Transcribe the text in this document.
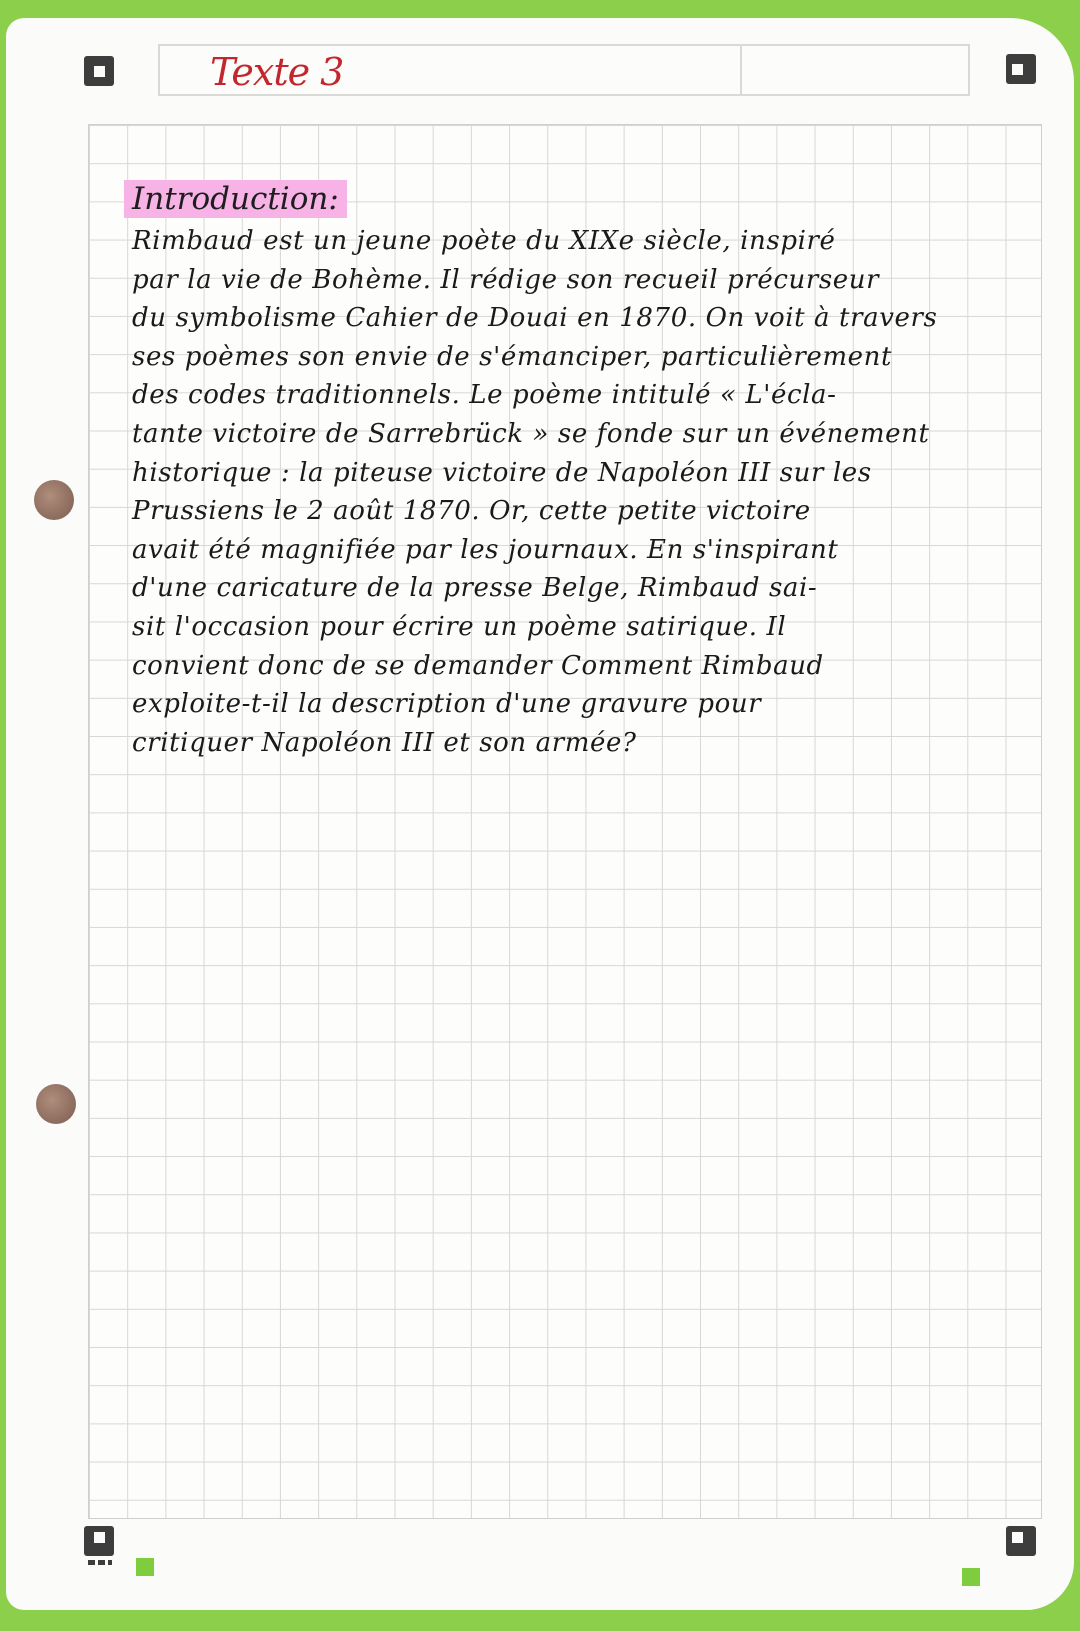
Texte 3
Introduction:
Rimbaud est un jeune poète du XIXe siècle, inspiré
par la vie de Bohème. Il rédige son recueil précurseur
du symbolisme Cahier de Douai en 1870. On voit à travers
ses poèmes son envie de s'émanciper, particulièrement
des codes traditionnels. Le poème intitulé « L'écla-
tante victoire de Sarrebrück » se fonde sur un événement
historique : la piteuse victoire de Napoléon III sur les
Prussiens le 2 août 1870. Or, cette petite victoire
avait été magnifiée par les journaux. En s'inspirant
d'une caricature de la presse Belge, Rimbaud sai-
sit l'occasion pour écrire un poème satirique. Il
convient donc de se demander Comment Rimbaud
exploite-t-il la description d'une gravure pour
critiquer Napoléon III et son armée?
